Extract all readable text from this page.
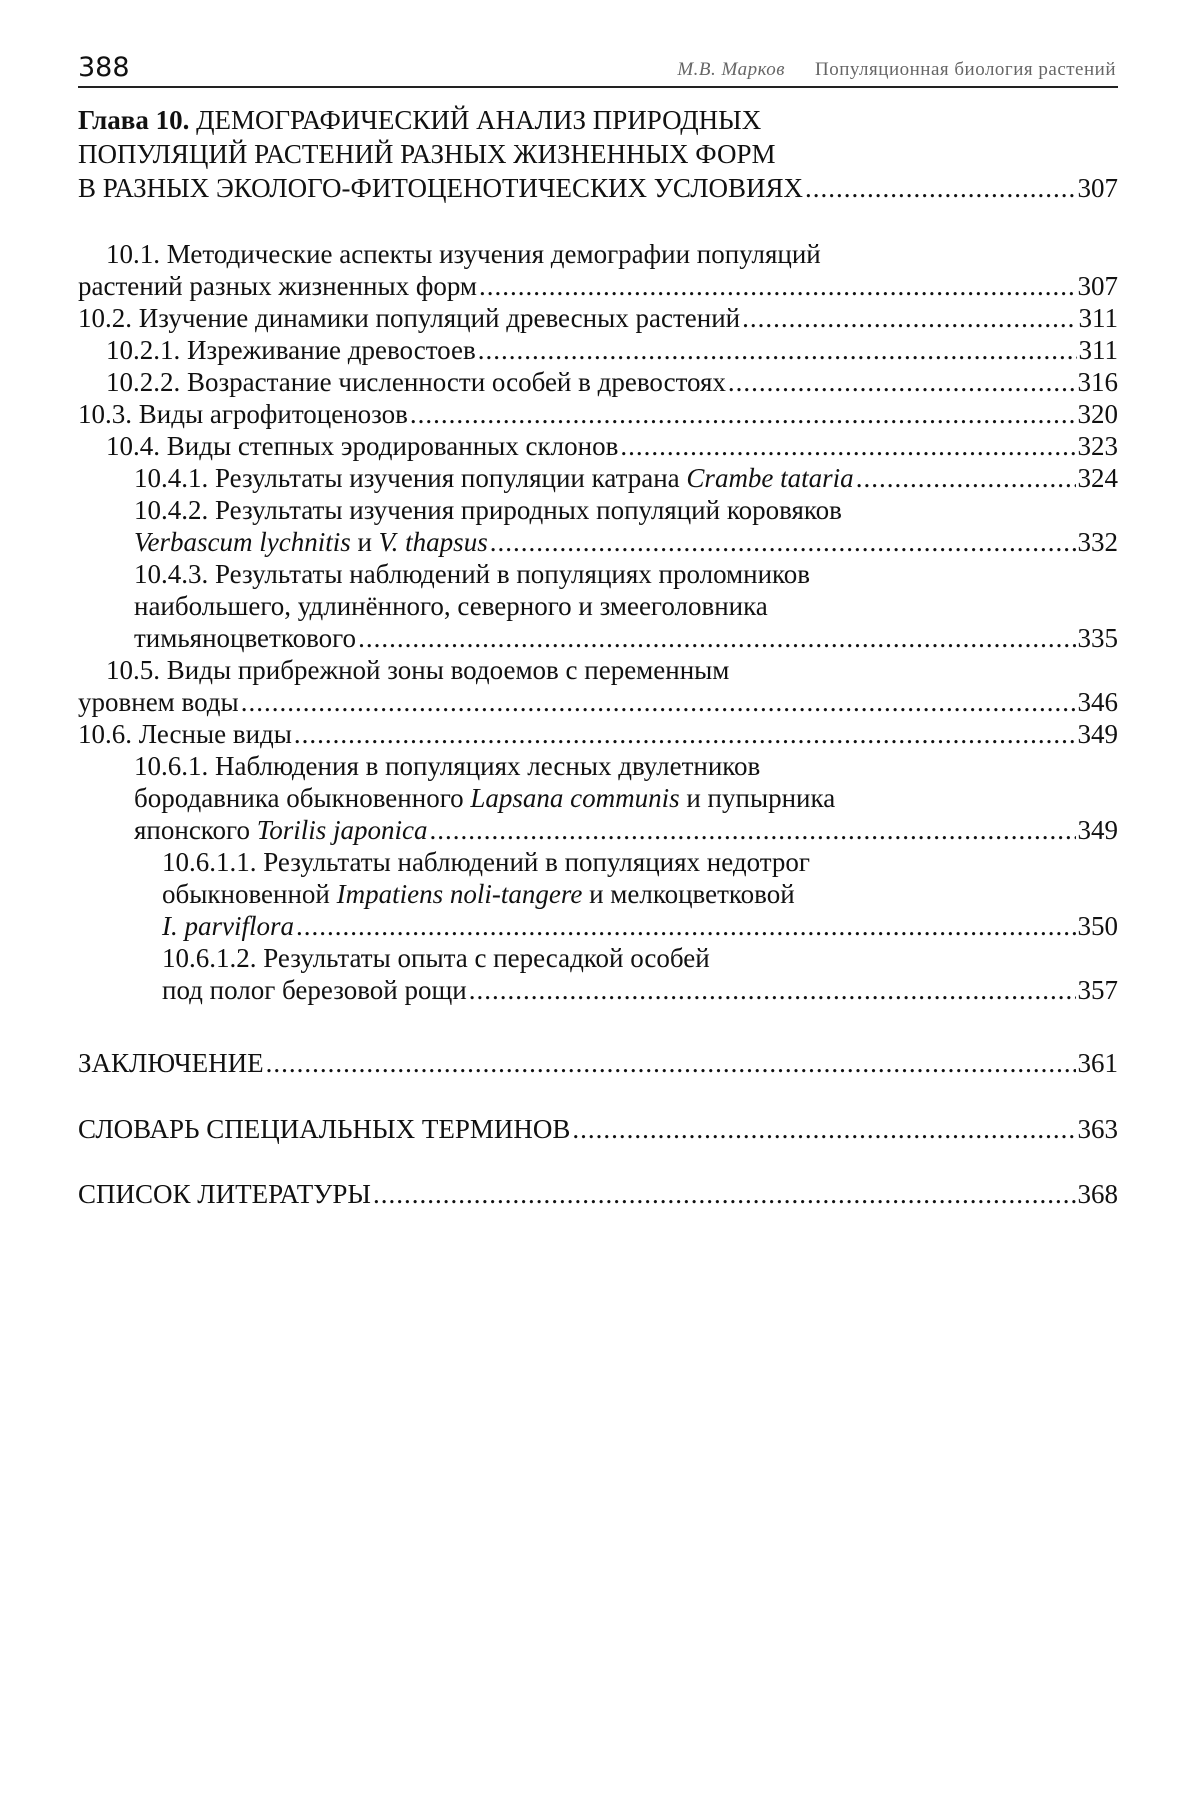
388	М.В. Марков Популяционная биология растений
Глава 10. ДЕМОГРАФИЧЕСКИЙ АНАЛИЗ ПРИРОДНЫХ
ПОПУЛЯЦИЙ РАСТЕНИЙ РАЗНЫХ ЖИЗНЕННЫХ ФОРМ
В РАЗНЫХ ЭКОЛОГО-ФИТОЦЕНОТИЧЕСКИХ УСЛОВИЯХ
.....	307
10.1. Методические аспекты изучения демографии популяций
растений разных жизненных форм
.....	307
10.2. Изучение динамики популяций древесных растений
.....	311
10.2.1. Изреживание древостоев
.....	311
10.2.2. Возрастание численности особей в древостоях
.....	316
10.3. Виды агрофитоценозов
.....	320
10.4. Виды степных эродированных склонов
.....	323
10.4.1. Результаты изучения популяции катрана Crambe tataria
.....	324
10.4.2. Результаты изучения природных популяций коровяков
Verbascum lychnitis и V. thapsus
.....	332
10.4.3. Результаты наблюдений в популяциях проломников
наибольшего, удлинённого, северного и змееголовника
тимьяноцветкового
.....	335
10.5. Виды прибрежной зоны водоемов с переменным
уровнем воды
.....	346
10.6. Лесные виды
.....	349
10.6.1. Наблюдения в популяциях лесных двулетников
бородавника обыкновенного Lapsana communis и пупырника
японского Torilis japonica
.....	349
10.6.1.1. Результаты наблюдений в популяциях недотрог
обыкновенной Impatiens noli-tangere и мелкоцветковой
I. parviflora
.....	350
10.6.1.2. Результаты опыта с пересадкой особей
под полог березовой рощи
.....	357
ЗАКЛЮЧЕНИЕ
.....	361
СЛОВАРЬ СПЕЦИАЛЬНЫХ ТЕРМИНОВ
.....	363
СПИСОК ЛИТЕРАТУРЫ
.....	368
